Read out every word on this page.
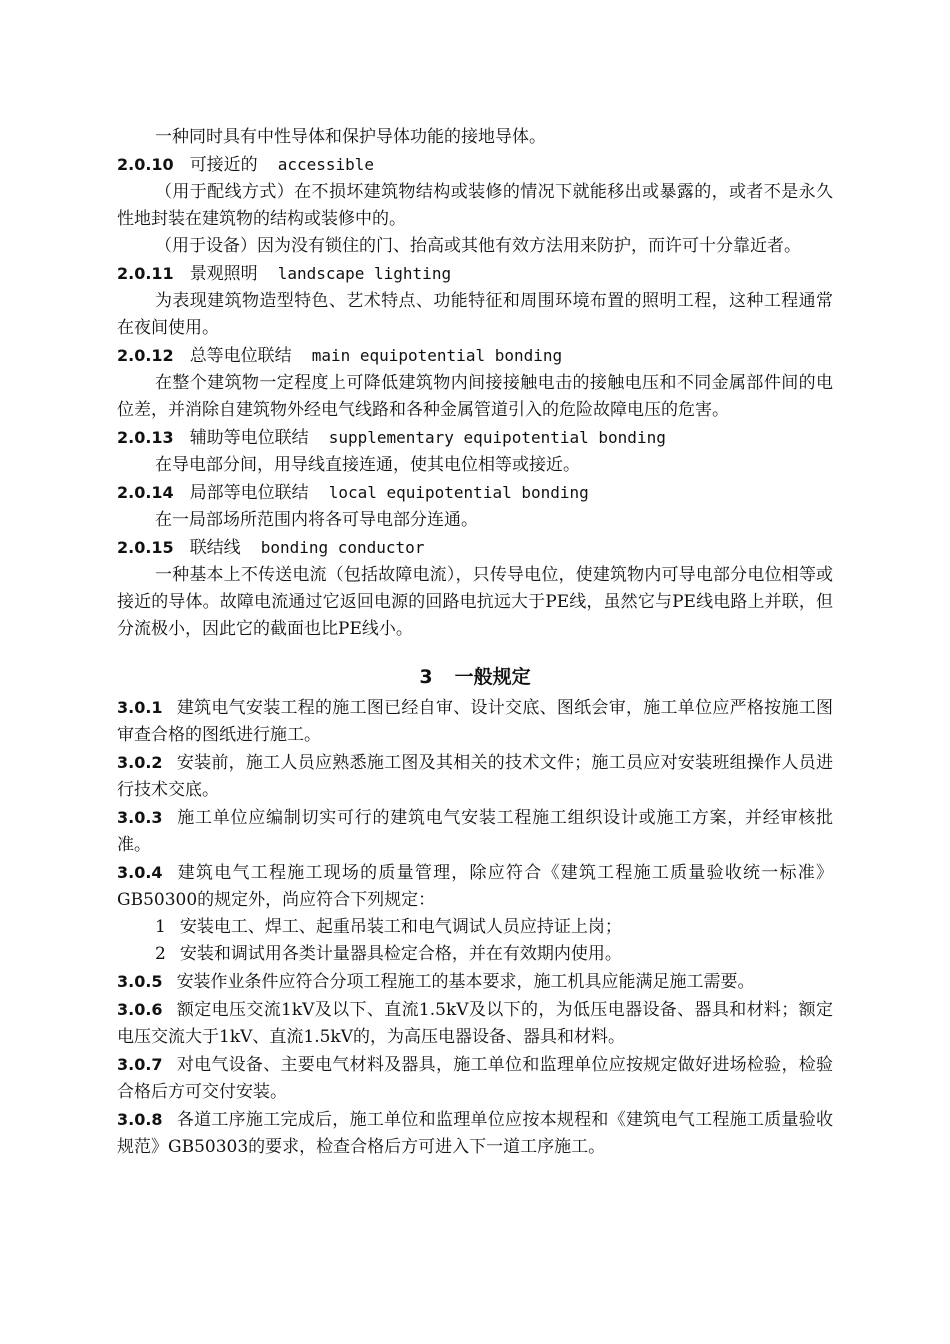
一种同时具有中性导体和保护导体功能的接地导体。

2.0.10 可接近的 accessible

（用于配线方式）在不损坏建筑物结构或装修的情况下就能移出或暴露的，或者不是永久性地封装在建筑物的结构或装修中的。

（用于设备）因为没有锁住的门、抬高或其他有效方法用来防护，而许可十分靠近者。

2.0.11 景观照明 landscape lighting

为表现建筑物造型特色、艺术特点、功能特征和周围环境布置的照明工程，这种工程通常在夜间使用。

2.0.12 总等电位联结 main equipotential bonding

在整个建筑物一定程度上可降低建筑物内间接接触电击的接触电压和不同金属部件间的电位差，并消除自建筑物外经电气线路和各种金属管道引入的危险故障电压的危害。

2.0.13 辅助等电位联结 supplementary equipotential bonding

在导电部分间，用导线直接连通，使其电位相等或接近。

2.0.14 局部等电位联结 local equipotential bonding

在一局部场所范围内将各可导电部分连通。

2.0.15 联结线 bonding conductor

一种基本上不传送电流（包括故障电流），只传导电位，使建筑物内可导电部分电位相等或接近的导体。故障电流通过它返回电源的回路电抗远大于PE线，虽然它与PE线电路上并联，但分流极小，因此它的截面也比PE线小。

3 一般规定

3.0.1 建筑电气安装工程的施工图已经自审、设计交底、图纸会审，施工单位应严格按施工图审查合格的图纸进行施工。

3.0.2 安装前，施工人员应熟悉施工图及其相关的技术文件；施工员应对安装班组操作人员进行技术交底。

3.0.3 施工单位应编制切实可行的建筑电气安装工程施工组织设计或施工方案，并经审核批准。

3.0.4 建筑电气工程施工现场的质量管理，除应符合《建筑工程施工质量验收统一标准》GB50300的规定外，尚应符合下列规定：

1 安装电工、焊工、起重吊装工和电气调试人员应持证上岗；

2 安装和调试用各类计量器具检定合格，并在有效期内使用。

3.0.5 安装作业条件应符合分项工程施工的基本要求，施工机具应能满足施工需要。

3.0.6 额定电压交流1kV及以下、直流1.5kV及以下的，为低压电器设备、器具和材料；额定电压交流大于1kV、直流1.5kV的，为高压电器设备、器具和材料。

3.0.7 对电气设备、主要电气材料及器具，施工单位和监理单位应按规定做好进场检验，检验合格后方可交付安装。

3.0.8 各道工序施工完成后，施工单位和监理单位应按本规程和《建筑电气工程施工质量验收规范》GB50303的要求，检查合格后方可进入下一道工序施工。
